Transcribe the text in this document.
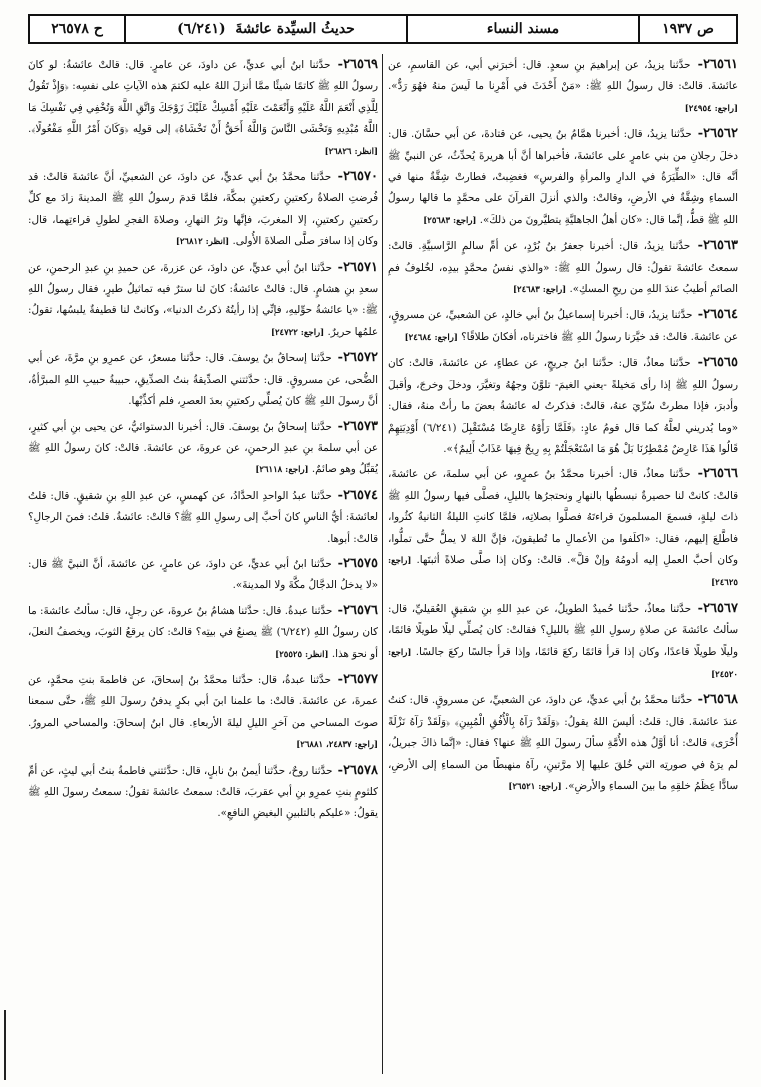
ص ١٩٣٧
مسند النساء
حديثُ السيِّدة عائشةَ

(٦/٢٤١)
ح ٢٦٥٧٨

٢٦٥٦١- حدَّثنا يزيدُ، عن إبراهيمَ بنِ سعدٍ. قال: أخبرَني أبي، عن القاسمِ، عن عائشةَ. قالتْ: قال رسولُ اللهِ ﷺ: «مَنْ أَحْدَثَ في أَمْرِنا ما لَيسَ منهُ فهُوَ رَدٌّ». [راجع: ٢٤٩٥٤]

٢٦٥٦٢- حدَّثنا يزيدُ، قال: أخبرنا همَّامُ بنُ يحيى، عن قتادةَ، عن أبي حسَّانَ. قال: دخلَ رجلانِ من بني عامرٍ على عائشةَ، فأخبراها أنَّ أبا هريرةَ يُحدِّثُ، عن النبيِّ ﷺ أنَّه قال: «الطِّيَرَةُ في الدارِ والمرأةِ والفرسِ» فغضِبتْ، فطارتْ شِقَّةٌ منها في السماءِ وشِقَّةٌ في الأرضِ، وقالتْ: والذي أنزلَ القرآنَ على محمَّدٍ ما قالها رسولُ اللهِ ﷺ قطُّ، إنَّما قال: «كان أهلُ الجاهليَّةِ يتطيَّرونَ من ذلكَ». [راجع: ٢٥٦٨٣]

٢٦٥٦٣- حدَّثنا يزيدُ، قال: أخبرنا جعفرُ بنُ بُرْدٍ، عن أمِّ سالمٍ الرَّاسبيَّةِ. قالتْ: سمعتُ عائشةَ تقولُ: قال رسولُ اللهِ ﷺ: «والذي نفسُ محمَّدٍ بيدِه، لخُلوفُ فمِ الصائمِ أطيبُ عندَ اللهِ من ريحِ المسكِ». [راجع: ٢٤٦٨٣]

٢٦٥٦٤- حدَّثنا يزيدُ، قال: أخبرنا إسماعيلُ بنُ أبي خالدٍ، عن الشعبيِّ، عن مسروقٍ، عن عائشةَ. قالتْ: قد خيَّرَنا رسولُ اللهِ ﷺ فاخترناه، أفكانَ طلاقًا؟ [راجع: ٢٤٦٨٤]

٢٦٥٦٥- حدَّثنا معاذٌ، قال: حدَّثنا ابنُ جريجٍ، عن عطاءٍ، عن عائشةَ، قالتْ: كان رسولُ اللهِ ﷺ إذا رأى مَخيلةً -يعني الغيمَ- تلوَّنَ وجهُهُ وتغيَّرَ، ودخلَ وخرجَ، وأقبلَ وأدبرَ، فإذا مطرتْ سُرِّيَ عنهُ، قالتْ: فذكرتُ له عائشةُ بعضَ ما رأتْ منهُ، فقال: «وما يُدريني لعلَّهُ كما قال قومُ عادٍ: ﴿فَلَمَّا رَأَوْهُ عَارِضًا مُسْتَقْبِلَ (٦/٢٤١) أَوْدِيَتِهِمْ قَالُوا هَذَا عَارِضٌ مُمْطِرُنَا بَلْ هُوَ مَا اسْتَعْجَلْتُمْ بِهِ رِيحٌ فِيهَا عَذَابٌ أَلِيمٌ﴾».

٢٦٥٦٦- حدَّثنا معاذٌ، قال: أخبرنا محمَّدُ بنُ عمرٍو، عن أبي سلمةَ، عن عائشةَ، قالتْ: كانتْ لنا حصيرةٌ نبسطُها بالنهارِ ونحتجرُها بالليلِ، فصلَّى فيها رسولُ اللهِ ﷺ ذاتَ ليلةٍ، فسمعَ المسلمونَ قراءتَهُ فصلَّوا بصلاتِه، فلمَّا كانتِ الليلةُ الثانيةُ كثُروا، فاطَّلعَ إليهم، فقال: «اكلَفوا من الأعمالِ ما تُطيقونَ، فإنَّ اللهَ لا يملُّ حتَّى تملُّوا، وكان أحبَّ العملِ إليه أدومُهُ وإنْ قلَّ». قالتْ: وكان إذا صلَّى صلاةً أثبتَها. [راجع: ٢٤٦٢٥]

٢٦٥٦٧- حدَّثنا معاذٌ، حدَّثنا حُميدٌ الطويلُ، عن عبدِ اللهِ بنِ شقيقٍ العُقيليِّ، قال: سألتُ عائشةَ عن صلاةِ رسولِ اللهِ ﷺ بالليلِ؟ فقالتْ: كان يُصلِّي ليلًا طويلًا قائمًا، وليلًا طويلًا قاعدًا، وكان إذا قرأ قائمًا ركعَ قائمًا، وإذا قرأ جالسًا ركعَ جالسًا. [راجع: ٢٤٥٢٠]

٢٦٥٦٨- حدَّثنا محمَّدُ بنُ أبي عديٍّ، عن داودَ، عن الشعبيِّ، عن مسروقٍ. قال: كنتُ عندَ عائشةَ. قال: قلتُ: أليسَ اللهُ يقولُ: ﴿وَلَقَدْ رَآهُ بِالْأُفُقِ الْمُبِينِ﴾ ﴿وَلَقَدْ رَآهُ نَزْلَةً أُخْرَى﴾ قالتْ: أنا أوَّلُ هذه الأُمَّةِ سألَ رسولَ اللهِ ﷺ عنها؟ فقال: «إنَّما ذاكَ جبريلُ، لم يرَهُ في صورتِه التي خُلقَ عليها إلا مرَّتينِ، رآهُ منهبطًا من السماءِ إلى الأرضِ، سادًّا عِظَمُ خلقِهِ ما بينَ السماءِ والأرضِ». [راجع: ٢٦٥٢١]

٢٦٥٦٩- حدَّثنا ابنُ أبي عديٍّ، عن داودَ، عن عامرٍ. قال: قالتْ عائشةُ: لو كانَ رسولُ اللهِ ﷺ كاتمًا شيئًا ممَّا أنزلَ اللهُ عليه لكتمَ هذه الآياتِ على نفسِه: ﴿وَإِذْ تَقُولُ لِلَّذِي أَنْعَمَ اللَّهُ عَلَيْهِ وَأَنْعَمْتَ عَلَيْهِ أَمْسِكْ عَلَيْكَ زَوْجَكَ وَاتَّقِ اللَّهَ وَتُخْفِي فِي نَفْسِكَ مَا اللَّهُ مُبْدِيهِ وَتَخْشَى النَّاسَ وَاللَّهُ أَحَقُّ أَنْ تَخْشَاهُ﴾ إلى قولِه ﴿وَكَانَ أَمْرُ اللَّهِ مَفْعُولًا﴾. [انظر: ٢٦٨٢٦]

٢٦٥٧٠- حدَّثنا محمَّدُ بنُ أبي عديٍّ، عن داودَ، عن الشعبيِّ، أنَّ عائشةَ قالتْ: قد فُرضتِ الصلاةُ ركعتينِ ركعتينِ بمكَّةَ، فلمَّا قدمَ رسولُ اللهِ ﷺ المدينةَ زادَ مع كلِّ ركعتينِ ركعتينِ، إلا المغربَ، فإنَّها وترُ النهارِ، وصلاةَ الفجرِ لطولِ قراءتِهما، قال: وكان إذا سافرَ صلَّى الصلاةَ الأُولى. [انظر: ٢٦٨١٢]

٢٦٥٧١- حدَّثنا ابنُ أبي عديٍّ، عن داودَ، عن عزرةَ، عن حميدِ بنِ عبدِ الرحمنِ، عن سعدِ بنِ هشامٍ. قال: قالتْ عائشةُ: كانَ لنا سترٌ فيه تماثيلُ طيرٍ، فقال رسولُ اللهِ ﷺ: «يا عائشةُ حوِّليهِ، فإنِّي إذا رأيتُهُ ذكرتُ الدنيا»، وكانتْ لنا قطيفةٌ يلبسُها، تقولُ: علمُها حريرٌ. [راجع: ٢٤٧٢٢]

٢٦٥٧٢- حدَّثنا إسحاقُ بنُ يوسفَ. قال: حدَّثنا مسعرٌ، عن عمرِو بنِ مرَّةَ، عن أبي الضُّحى، عن مسروقٍ. قال: حدَّثتني الصدِّيقةُ بنتُ الصدِّيقِ، حبيبةُ حبيبِ اللهِ المبرَّأةُ، أنَّ رسولَ اللهِ ﷺ كانَ يُصلِّي ركعتينِ بعدَ العصرِ، فلم أكذِّبْها.

٢٦٥٧٣- حدَّثنا إسحاقُ بنُ يوسفَ. قال: أخبرنا الدستوائيُّ، عن يحيى بنِ أبي كثيرٍ، عن أبي سلمةَ بنِ عبدِ الرحمنِ، عن عروةَ، عن عائشةَ. قالتْ: كانَ رسولُ اللهِ ﷺ يُقبِّلُ وهو صائمٌ. [راجع: ٢٦١١٨]

٢٦٥٧٤- حدَّثنا عبدُ الواحدِ الحدَّادُ، عن كهمسٍ، عن عبدِ اللهِ بنِ شقيقٍ. قال: قلتُ لعائشةَ: أيُّ الناسِ كانَ أحبَّ إلى رسولِ اللهِ ﷺ؟ قالتْ: عائشةُ. قلتُ: فمنَ الرجالِ؟ قالتْ: أبوها.

٢٦٥٧٥- حدَّثنا ابنُ أبي عديٍّ، عن داودَ، عن عامرٍ، عن عائشةَ، أنَّ النبيَّ ﷺ قال: «لا يدخلُ الدجَّالُ مكَّةَ ولا المدينةَ».

٢٦٥٧٦- حدَّثنا عبدةُ. قال: حدَّثنا هشامُ بنُ عروةَ، عن رجلٍ، قال: سألتُ عائشةَ: ما كان رسولُ اللهِ (٦/٢٤٢) ﷺ يصنعُ في بيتِه؟ قالتْ: كان يرقعُ الثوبَ، ويخصفُ النعلَ، أو نحوَ هذا. [انظر: ٢٥٥٢٥]

٢٦٥٧٧- حدَّثنا عبدةُ، قال: حدَّثنا محمَّدُ بنُ إسحاقَ، عن فاطمةَ بنتِ محمَّدٍ، عن عمرةَ، عن عائشةَ. قالتْ: ما علمنا ابنَ أبي بكرٍ يدفنُ رسولَ اللهِ ﷺ، حتَّى سمعنا صوتَ المساحي من آخرِ الليلِ ليلةَ الأربعاءِ. قال ابنُ إسحاقَ: والمساحي المرورُ. [راجع: ٢٤٨٣٧، ٢٦٨٨١]

٢٦٥٧٨- حدَّثنا روحٌ، حدَّثنا أيمنُ بنُ نابلٍ، قال: حدَّثتني فاطمةُ بنتُ أبي ليثٍ، عن أمِّ كلثومٍ بنتِ عمرِو بنِ أبي عقربَ، قالتْ: سمعتُ عائشةَ تقولُ: سمعتُ رسولَ اللهِ ﷺ يقولُ: «عليكم بالتلبينِ البغيضِ النافعِ».
